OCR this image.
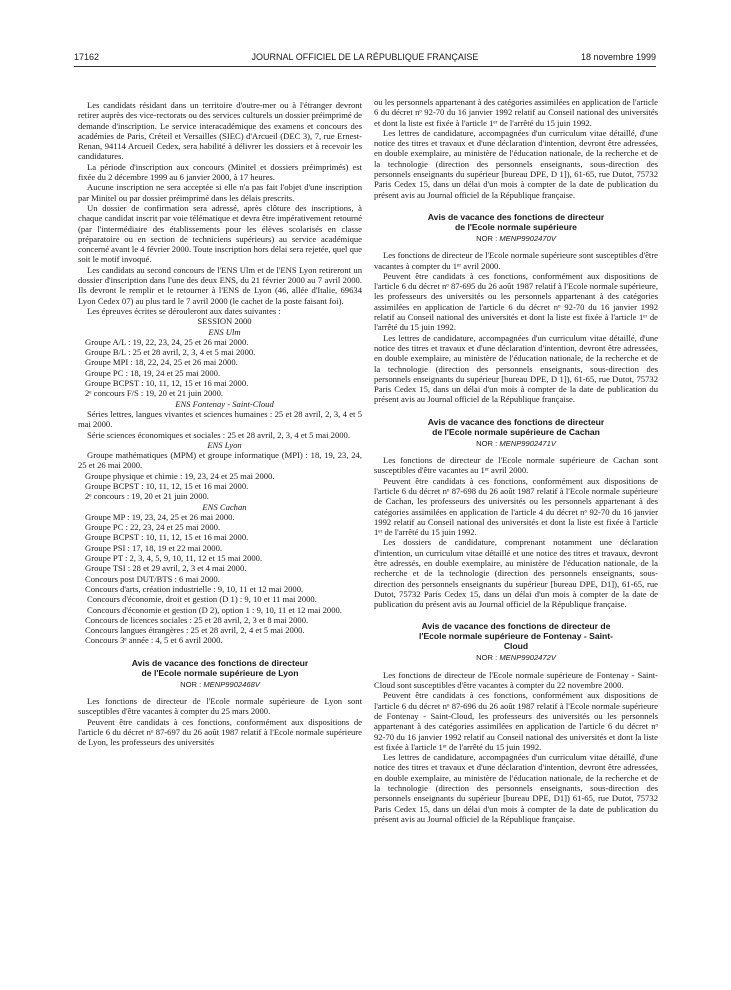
17162	JOURNAL OFFICIEL DE LA RÉPUBLIQUE FRANÇAISE	18 novembre 1999

Les candidats résidant dans un territoire d'outre-mer ou à l'étranger devront retirer auprès des vice-rectorats ou des services culturels un dossier préimprimé de demande d'inscription. Le service interacadémique des examens et concours des académies de Paris, Créteil et Versailles (SIEC) d'Arcueil (DEC 3), 7, rue Ernest-Renan, 94114 Arcueil Cedex, sera habilité à délivrer les dossiers et à recevoir les candidatures.

La période d'inscription aux concours (Minitel et dossiers préimprimés) est fixée du 2 décembre 1999 au 6 janvier 2000, à 17 heures.

Aucune inscription ne sera acceptée si elle n'a pas fait l'objet d'une inscription par Minitel ou par dossier préimprimé dans les délais prescrits.

Un dossier de confirmation sera adressé, après clôture des inscriptions, à chaque candidat inscrit par voie télématique et devra être impérativement retourné (par l'intermédiaire des établissements pour les élèves scolarisés en classe préparatoire ou en section de techniciens supérieurs) au service académique concerné avant le 4 février 2000. Toute inscription hors délai sera rejetée, quel que soit le motif invoqué.

Les candidats au second concours de l'ENS Ulm et de l'ENS Lyon retireront un dossier d'inscription dans l'une des deux ENS, du 21 février 2000 au 7 avril 2000. Ils devront le remplir et le retourner à l'ENS de Lyon (46, allée d'Italie, 69634 Lyon Cedex 07) au plus tard le 7 avril 2000 (le cachet de la poste faisant foi).

Les épreuves écrites se dérouleront aux dates suivantes :

SESSION 2000

ENS Ulm

Groupe A/L : 19, 22, 23, 24, 25 et 26 mai 2000.

Groupe B/L : 25 et 28 avril, 2, 3, 4 et 5 mai 2000.

Groupe MPI : 18, 22, 24, 25 et 26 mai 2000.

Groupe PC : 18, 19, 24 et 25 mai 2000.

Groupe BCPST : 10, 11, 12, 15 et 16 mai 2000.

2ᵉ concours F/S : 19, 20 et 21 juin 2000.

ENS Fontenay - Saint-Cloud

Séries lettres, langues vivantes et sciences humaines : 25 et 28 avril, 2, 3, 4 et 5 mai 2000.

Série sciences économiques et sociales : 25 et 28 avril, 2, 3, 4 et 5 mai 2000.

ENS Lyon

Groupe mathématiques (MPM) et groupe informatique (MPI) : 18, 19, 23, 24, 25 et 26 mai 2000.

Groupe physique et chimie : 19, 23, 24 et 25 mai 2000.

Groupe BCPST : 10, 11, 12, 15 et 16 mai 2000.

2ᵉ concours : 19, 20 et 21 juin 2000.

ENS Cachan

Groupe MP : 19, 23, 24, 25 et 26 mai 2000.

Groupe PC : 22, 23, 24 et 25 mai 2000.

Groupe BCPST : 10, 11, 12, 15 et 16 mai 2000.

Groupe PSI : 17, 18, 19 et 22 mai 2000.

Groupe PT : 2, 3, 4, 5, 9, 10, 11, 12 et 15 mai 2000.

Groupe TSI : 28 et 29 avril, 2, 3 et 4 mai 2000.

Concours post DUT/BTS : 6 mai 2000.

Concours d'arts, création industrielle : 9, 10, 11 et 12 mai 2000.

Concours d'économie, droit et gestion (D 1) : 9, 10 et 11 mai 2000.

Concours d'économie et gestion (D 2), option 1 : 9, 10, 11 et 12 mai 2000.

Concours de licences sociales : 25 et 28 avril, 2, 3 et 8 mai 2000.

Concours langues étrangères : 25 et 28 avril, 2, 4 et 5 mai 2000.

Concours 3ᵉ année : 4, 5 et 6 avril 2000.

Avis de vacance des fonctions de directeur
de l'Ecole normale supérieure de Lyon
NOR : MENP9902468V

Les fonctions de directeur de l'Ecole normale supérieure de Lyon sont susceptibles d'être vacantes à compter du 25 mars 2000.

Peuvent être candidats à ces fonctions, conformément aux dispositions de l'article 6 du décret nᵒ 87-697 du 26 août 1987 relatif à l'Ecole normale supérieure de Lyon, les professeurs des universités

ou les personnels appartenant à des catégories assimilées en application de l'article 6 du décret nᵒ 92-70 du 16 janvier 1992 relatif au Conseil national des universités et dont la liste est fixée à l'article 1ᵉʳ de l'arrêté du 15 juin 1992.

Les lettres de candidature, accompagnées d'un curriculum vitae détaillé, d'une notice des titres et travaux et d'une déclaration d'intention, devront être adressées, en double exemplaire, au ministère de l'éducation nationale, de la recherche et de la technologie (direction des personnels enseignants, sous-direction des personnels enseignants du supérieur [bureau DPE, D 1]), 61-65, rue Dutot, 75732 Paris Cedex 15, dans un délai d'un mois à compter de la date de publication du présent avis au Journal officiel de la République française.

Avis de vacance des fonctions de directeur
de l'Ecole normale supérieure
NOR : MENP9902470V

Les fonctions de directeur de l'Ecole normale supérieure sont susceptibles d'être vacantes à compter du 1ᵉʳ avril 2000.

Peuvent être candidats à ces fonctions, conformément aux dispositions de l'article 6 du décret nᵒ 87-695 du 26 août 1987 relatif à l'Ecole normale supérieure, les professeurs des universités ou les personnels appartenant à des catégories assimilées en application de l'article 6 du décret nᵒ 92-70 du 16 janvier 1992 relatif au Conseil national des universités et dont la liste est fixée à l'article 1ᵉʳ de l'arrêté du 15 juin 1992.

Les lettres de candidature, accompagnées d'un curriculum vitae détaillé, d'une notice des titres et travaux et d'une déclaration d'intention, devront être adressées, en double exemplaire, au ministère de l'éducation nationale, de la recherche et de la technologie (direction des personnels enseignants, sous-direction des personnels enseignants du supérieur [bureau DPE, D 1]), 61-65, rue Dutot, 75732 Paris Cedex 15, dans un délai d'un mois à compter de la date de publication du présent avis au Journal officiel de la République française.

Avis de vacance des fonctions de directeur
de l'Ecole normale supérieure de Cachan
NOR : MENP9902471V

Les fonctions de directeur de l'Ecole normale supérieure de Cachan sont susceptibles d'être vacantes au 1ᵉʳ avril 2000.

Peuvent être candidats à ces fonctions, conformément aux dispositions de l'article 6 du décret nᵒ 87-698 du 26 août 1987 relatif à l'Ecole normale supérieure de Cachan, les professeurs des universités ou les personnels appartenant à des catégories assimilées en application de l'article 4 du décret nᵒ 92-70 du 16 janvier 1992 relatif au Conseil national des universités et dont la liste est fixée à l'article 1ᵉʳ de l'arrêté du 15 juin 1992.

Les dossiers de candidature, comprenant notamment une déclaration d'intention, un curriculum vitae détaillé et une notice des titres et travaux, devront être adressés, en double exemplaire, au ministère de l'éducation nationale, de la recherche et de la technologie (direction des personnels enseignants, sous-direction des personnels enseignants du supérieur [bureau DPE, D1]), 61-65, rue Dutot, 75732 Paris Cedex 15, dans un délai d'un mois à compter de la date de publication du présent avis au Journal officiel de la République française.

Avis de vacance des fonctions de directeur de
l'Ecole normale supérieure de Fontenay - Saint-
Cloud
NOR : MENP9902472V

Les fonctions de directeur de l'Ecole normale supérieure de Fontenay - Saint-Cloud sont susceptibles d'être vacantes à compter du 22 novembre 2000.

Peuvent être candidats à ces fonctions, conformément aux dispositions de l'article 6 du décret nᵒ 87-696 du 26 août 1987 relatif à l'Ecole normale supérieure de Fontenay - Saint-Cloud, les professeurs des universités ou les personnels appartenant à des catégories assimilées en application de l'article 6 du décret nᵒ 92-70 du 16 janvier 1992 relatif au Conseil national des universités et dont la liste est fixée à l'article 1ᵉʳ de l'arrêté du 15 juin 1992.

Les lettres de candidature, accompagnées d'un curriculum vitae détaillé, d'une notice des titres et travaux et d'une déclaration d'intention, devront être adressées, en double exemplaire, au ministère de l'éducation nationale, de la recherche et de la technologie (direction des personnels enseignants, sous-direction des personnels enseignants du supérieur [bureau DPE, D1]) 61-65, rue Dutot, 75732 Paris Cedex 15, dans un délai d'un mois à compter de la date de publication du présent avis au Journal officiel de la République française.
